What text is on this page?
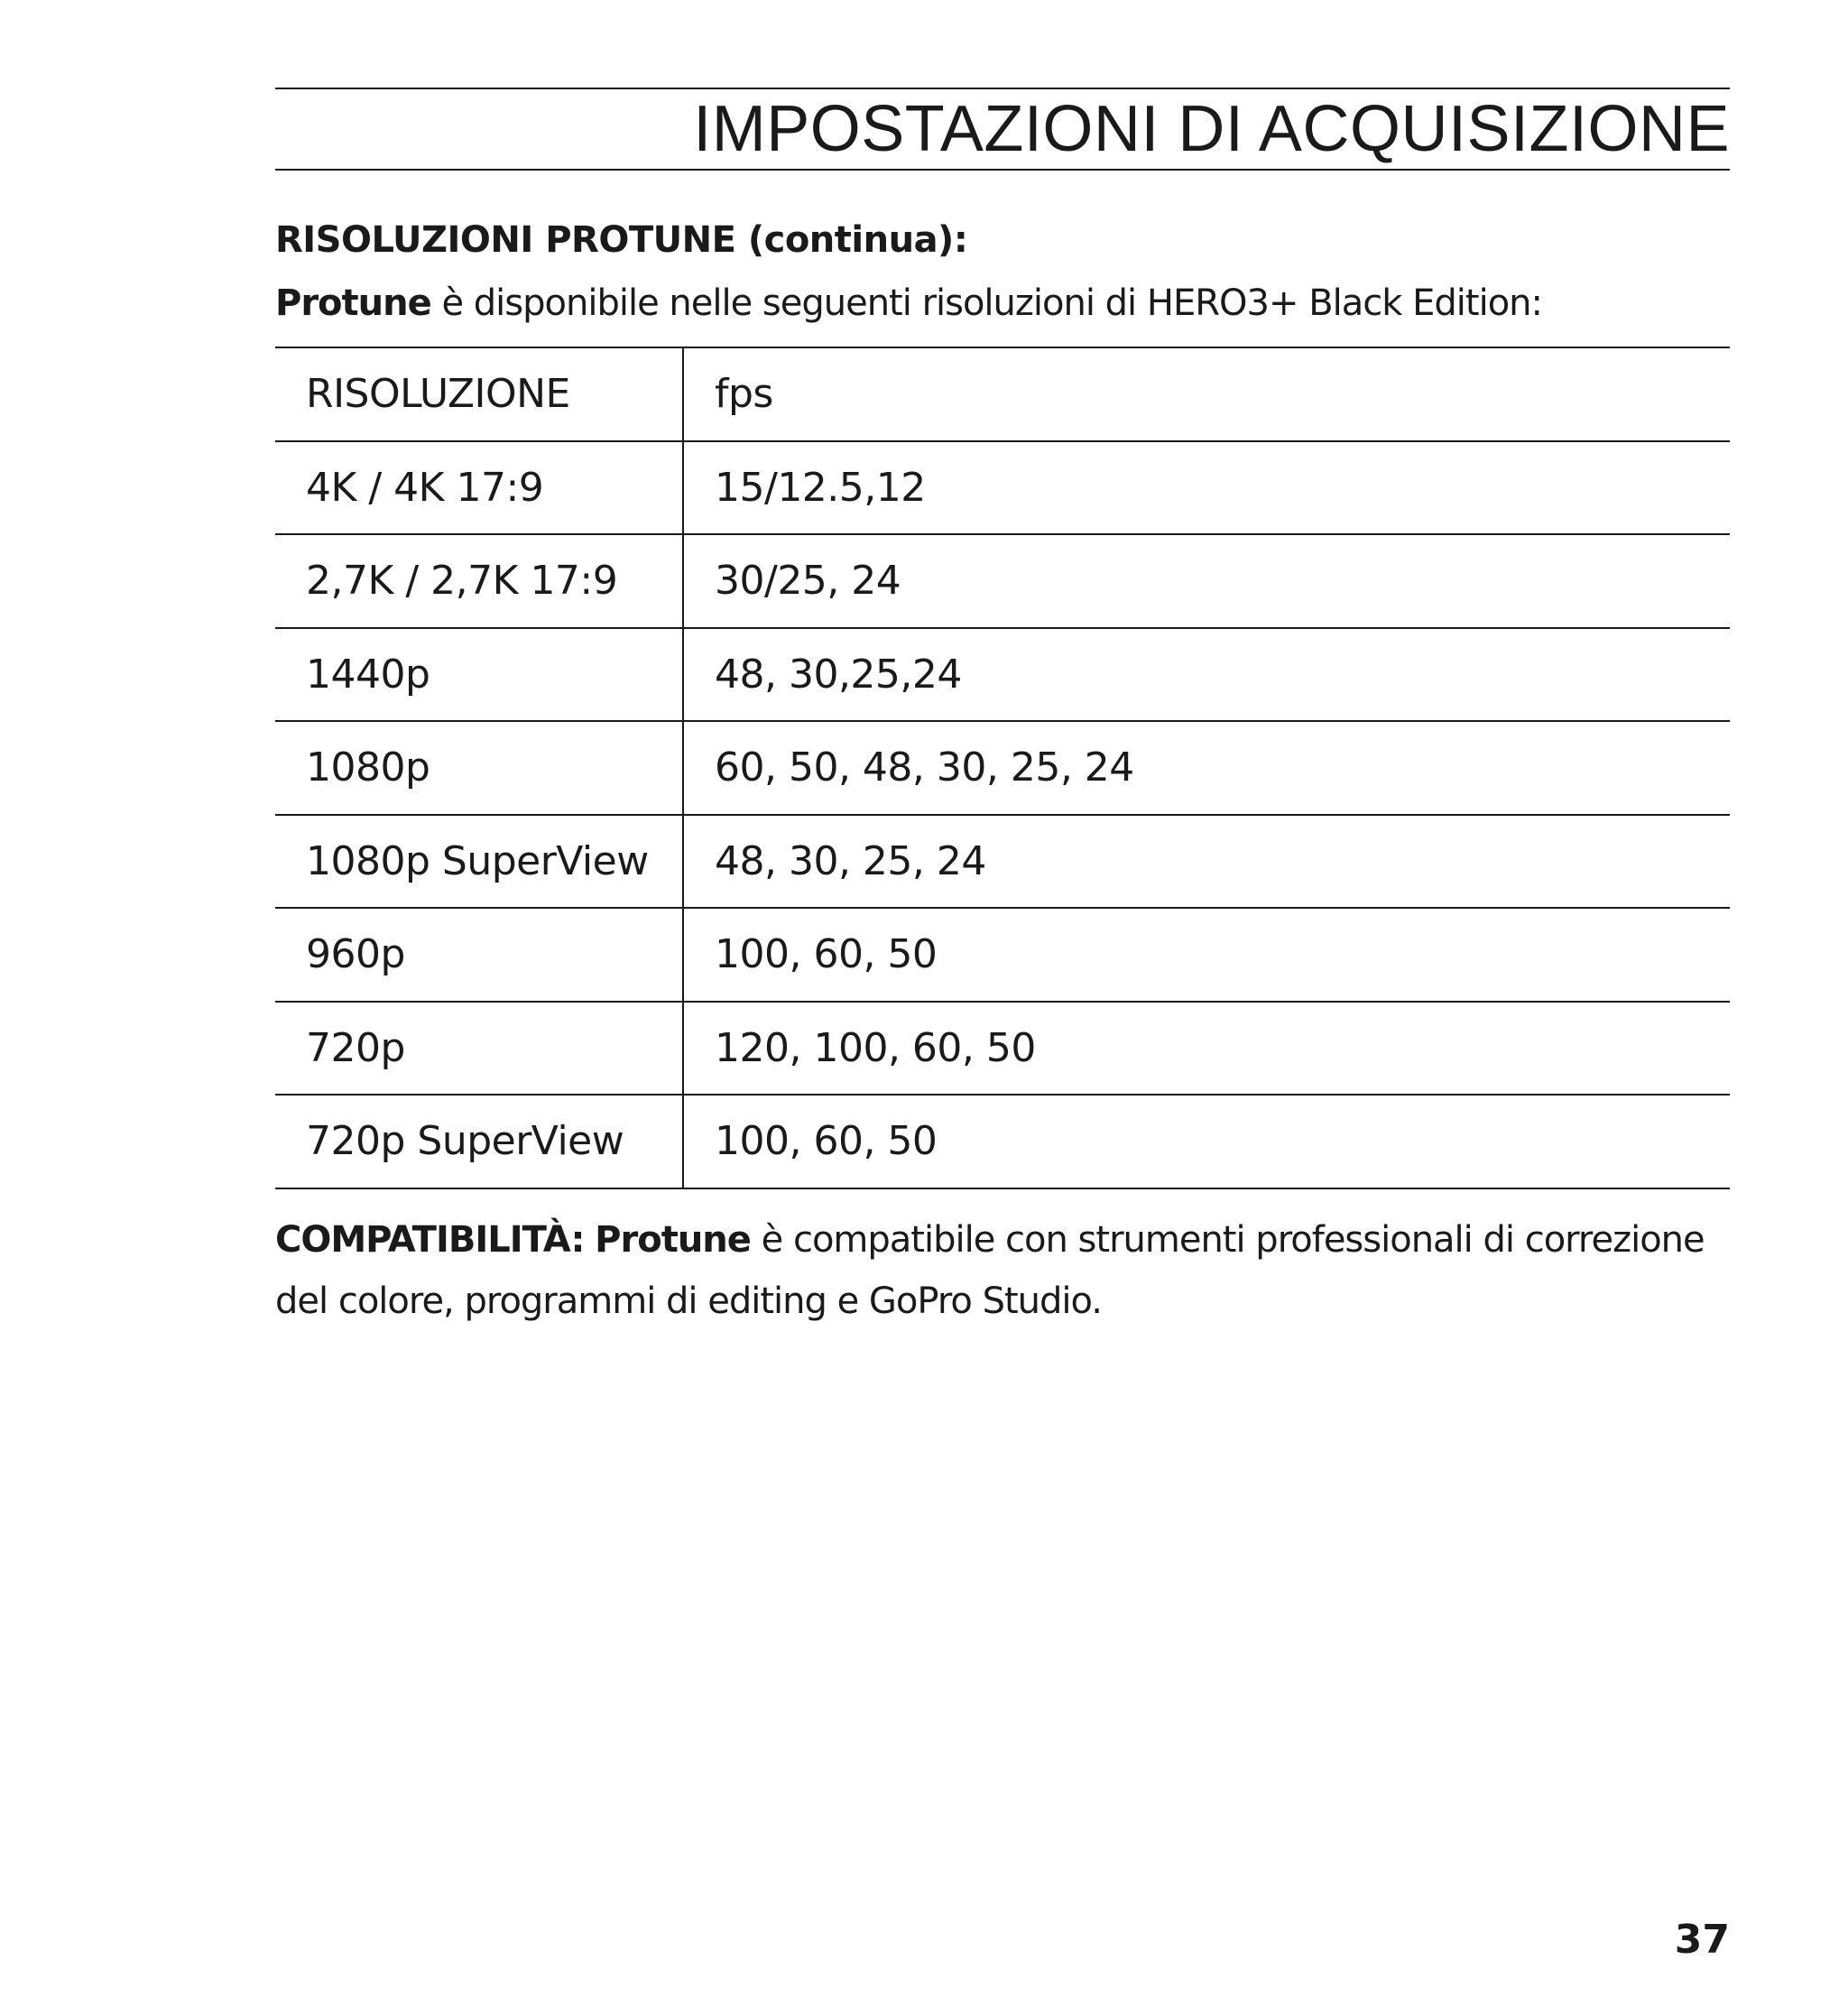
IMPOSTAZIONI DI ACQUISIZIONE
RISOLUZIONI PROTUNE (continua):
Protune è disponibile nelle seguenti risoluzioni di HERO3+ Black Edition:
RISOLUZIONE	fps
4K / 4K 17:9	15/12.5,12
2,7K / 2,7K 17:9	30/25, 24
1440p	48, 30,25,24
1080p	60, 50, 48, 30, 25, 24
1080p SuperView	48, 30, 25, 24
960p	100, 60, 50
720p	120, 100, 60, 50
720p SuperView	100, 60, 50
COMPATIBILITÀ: Protune è compatibile con strumenti professionali di correzione del colore, programmi di editing e GoPro Studio.
37
